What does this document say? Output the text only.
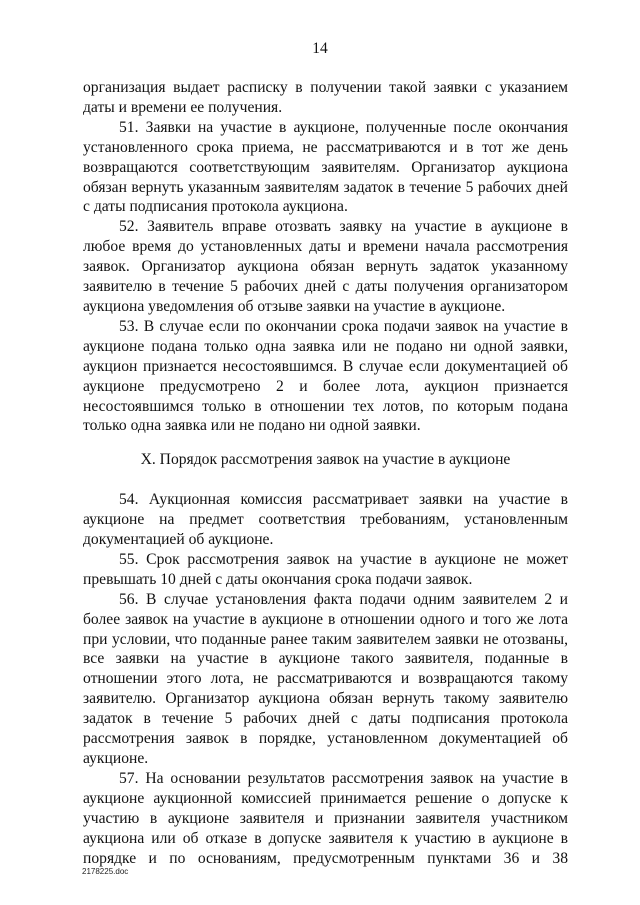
14

организация выдает расписку в получении такой заявки с указанием даты и времени ее получения.

51. Заявки на участие в аукционе, полученные после окончания установленного срока приема, не рассматриваются и в тот же день возвращаются соответствующим заявителям. Организатор аукциона обязан вернуть указанным заявителям задаток в течение 5 рабочих дней с даты подписания протокола аукциона.

52. Заявитель вправе отозвать заявку на участие в аукционе в любое время до установленных даты и времени начала рассмотрения заявок. Организатор аукциона обязан вернуть задаток указанному заявителю в течение 5 рабочих дней с даты получения организатором аукциона уведомления об отзыве заявки на участие в аукционе.

53. В случае если по окончании срока подачи заявок на участие в аукционе подана только одна заявка или не подано ни одной заявки, аукцион признается несостоявшимся. В случае если документацией об аукционе предусмотрено 2 и более лота, аукцион признается несостоявшимся только в отношении тех лотов, по которым подана только одна заявка или не подано ни одной заявки.

X. Порядок рассмотрения заявок на участие в аукционе

54. Аукционная комиссия рассматривает заявки на участие в аукционе на предмет соответствия требованиям, установленным документацией об аукционе.

55. Срок рассмотрения заявок на участие в аукционе не может превышать 10 дней с даты окончания срока подачи заявок.

56. В случае установления факта подачи одним заявителем 2 и более заявок на участие в аукционе в отношении одного и того же лота при условии, что поданные ранее таким заявителем заявки не отозваны, все заявки на участие в аукционе такого заявителя, поданные в отношении этого лота, не рассматриваются и возвращаются такому заявителю. Организатор аукциона обязан вернуть такому заявителю задаток в течение 5 рабочих дней с даты подписания протокола рассмотрения заявок в порядке, установленном документацией об аукционе.

57. На основании результатов рассмотрения заявок на участие в аукционе аукционной комиссией принимается решение о допуске к участию в аукционе заявителя и признании заявителя участником аукциона или об отказе в допуске заявителя к участию в аукционе в порядке и по основаниям, предусмотренным пунктами 36 и 38

2178225.doc
